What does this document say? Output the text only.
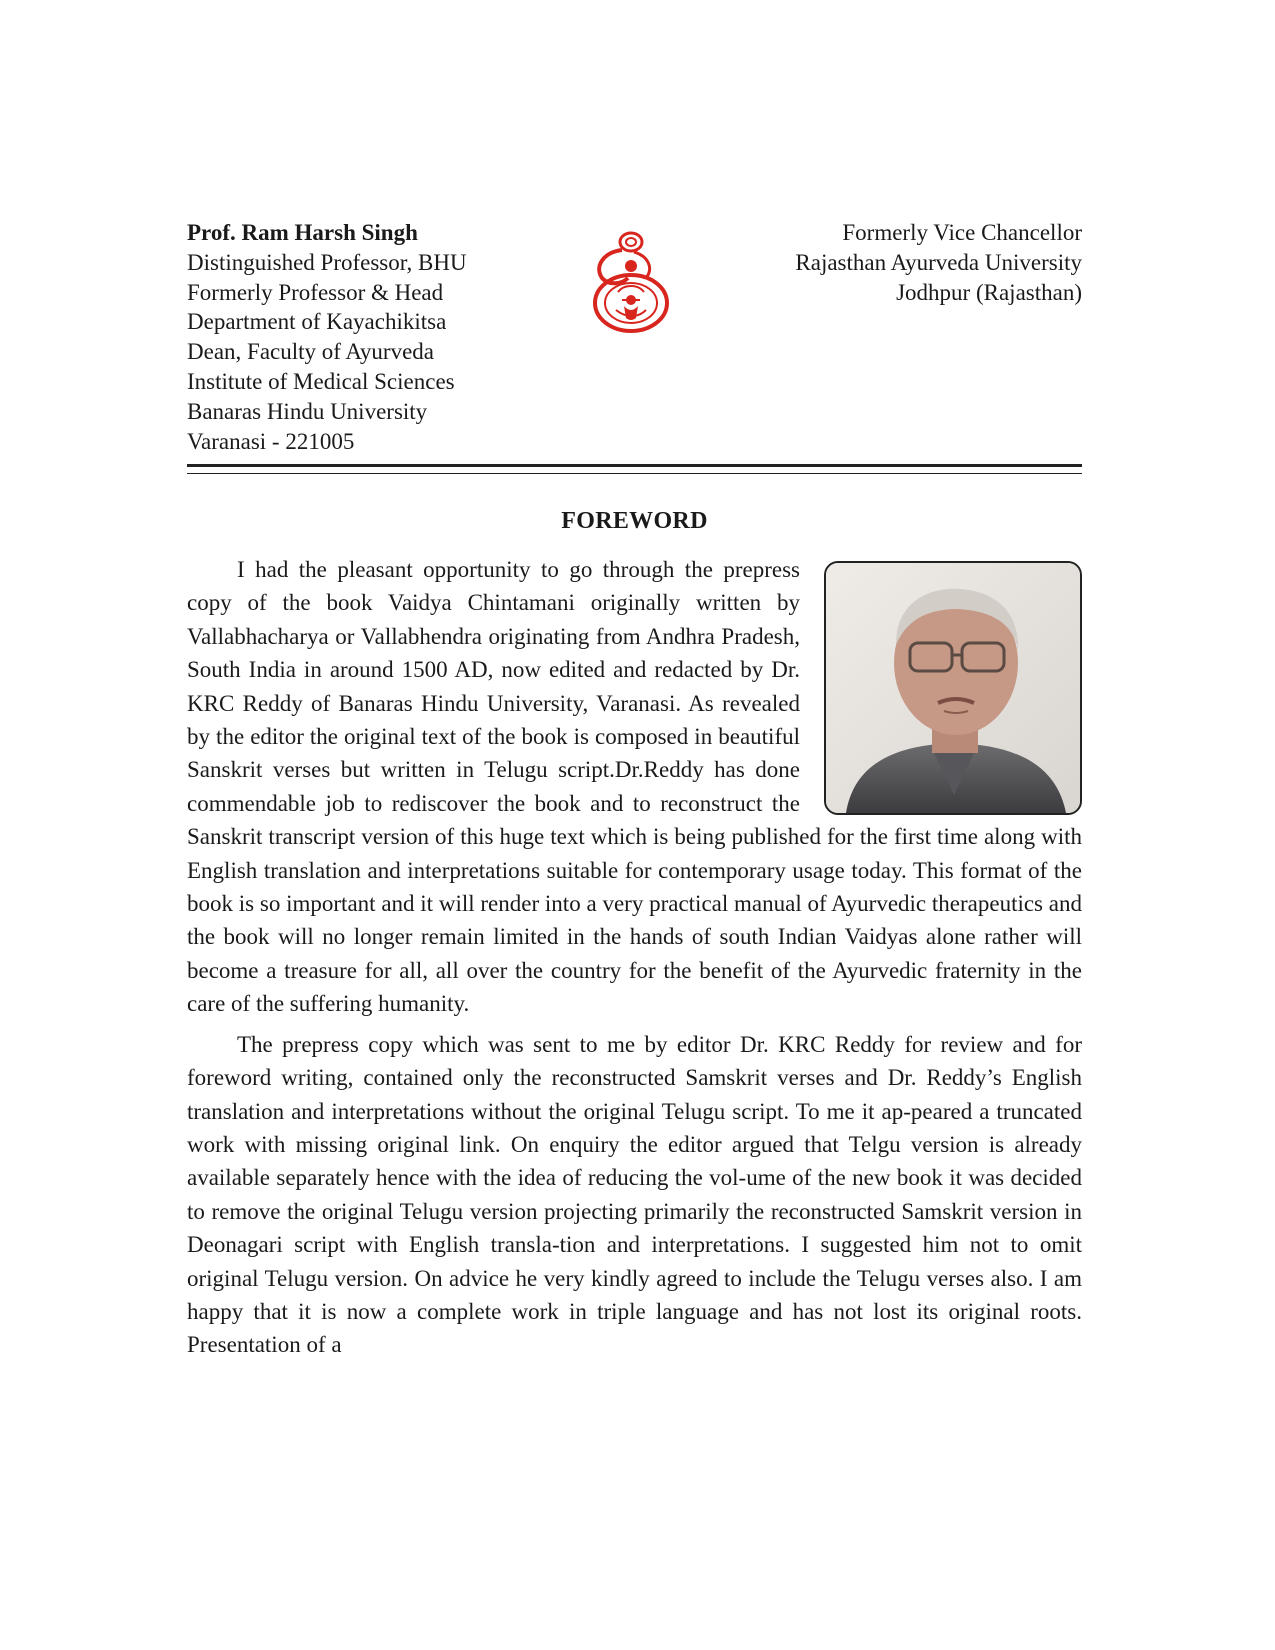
Prof. Ram Harsh Singh
Distinguished Professor, BHU
Formerly Professor & Head
Department of Kayachikitsa
Dean, Faculty of Ayurveda
Institute of Medical Sciences
Banaras Hindu University
Varanasi - 221005
Formerly Vice Chancellor
Rajasthan Ayurveda University
Jodhpur (Rajasthan)
FOREWORD

I had the pleasant opportunity to go through the prepress copy of the book Vaidya Chintamani originally written by Vallabhacharya or Vallabhendra originating from Andhra Pradesh, South India in around 1500 AD, now edited and redacted by Dr. KRC Reddy of Banaras Hindu University, Varanasi. As revealed by the editor the original text of the book is composed in beautiful Sanskrit verses but written in Telugu script.Dr.Reddy has done commendable job to rediscover the book and to reconstruct the Sanskrit transcript version of this huge text which is being published for the first time along with English translation and interpretations suitable for contemporary usage today. This format of the book is so important and it will render into a very practical manual of Ayurvedic therapeutics and the book will no longer remain limited in the hands of south Indian Vaidyas alone rather will become a treasure for all, all over the country for the benefit of the Ayurvedic fraternity in the care of the suffering humanity.

The prepress copy which was sent to me by editor Dr. KRC Reddy for review and for foreword writing, contained only the reconstructed Samskrit verses and Dr. Reddy’s English translation and interpretations without the original Telugu script. To me it ap-peared a truncated work with missing original link. On enquiry the editor argued that Telgu version is already available separately hence with the idea of reducing the vol-ume of the new book it was decided to remove the original Telugu version projecting primarily the reconstructed Samskrit version in Deonagari script with English transla-tion and interpretations. I suggested him not to omit original Telugu version. On advice he very kindly agreed to include the Telugu verses also. I am happy that it is now a complete work in triple language and has not lost its original roots. Presentation of a
